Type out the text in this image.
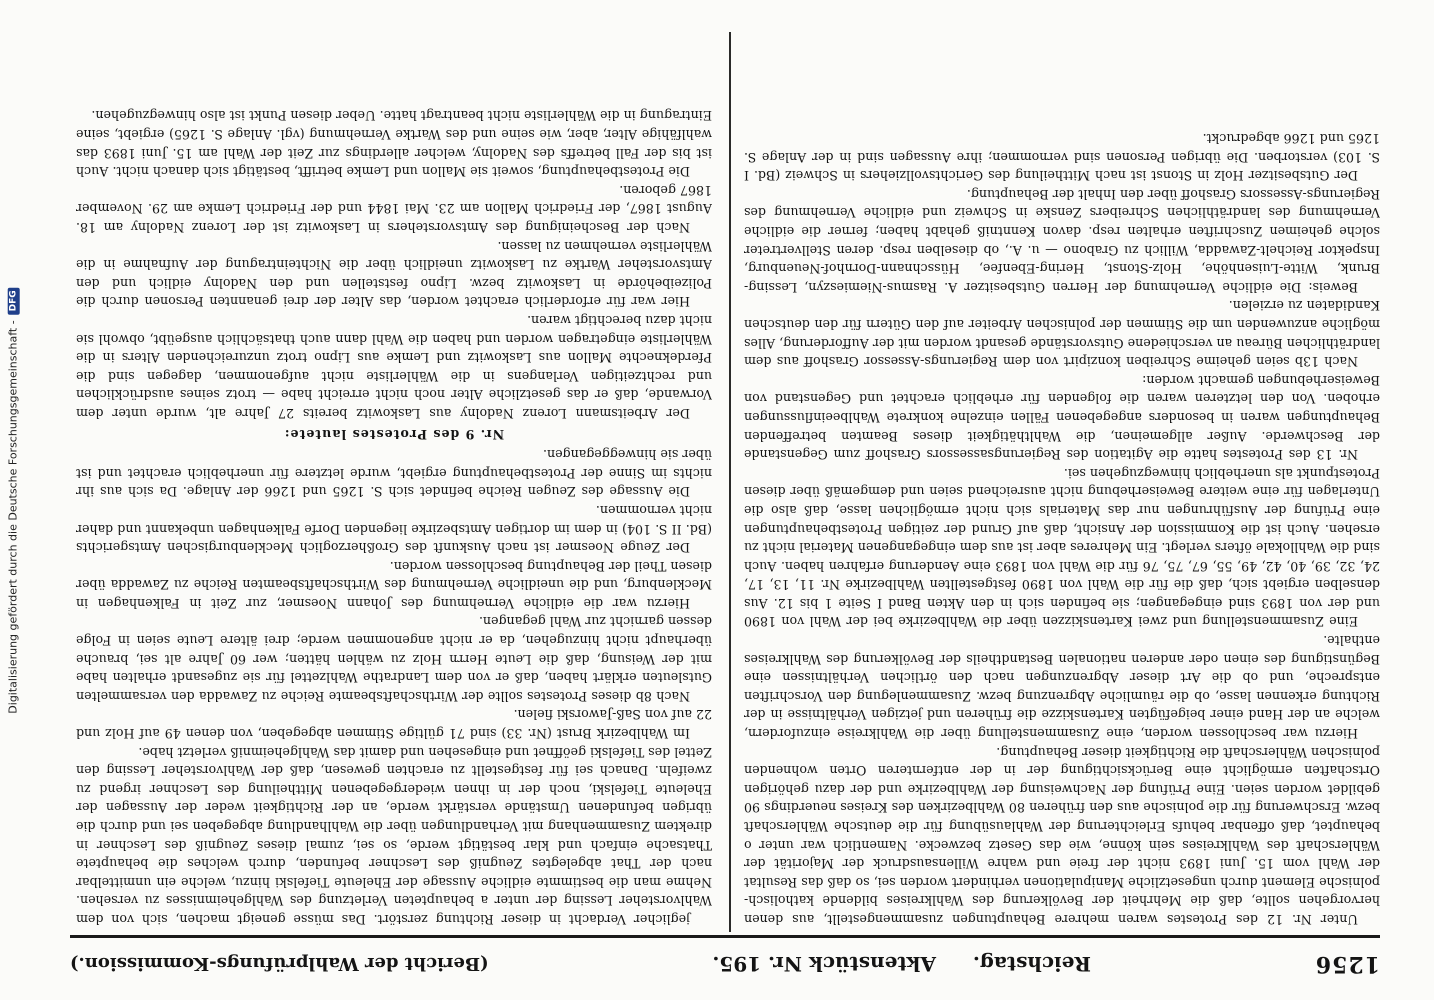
Digitalisierung gefördert durch die Deutsche Forschungsgemeinschaft -
DFG
1256
Reichstag. Aktenstück Nr. 195.
(Bericht der Wahlprüfungs-Kommission.)

Unter Nr. 12 des Protestes waren mehrere Behauptungen zusammengestellt, aus denen hervorgehen sollte, daß die Mehrheit der Bevölkerung des Wahlkreises bildende katholisch-polnische Element durch ungesetzliche Manipulationen verhindert worden sei, so daß das Resultat der Wahl vom 15. Juni 1893 nicht der freie und wahre Willensausdruck der Majorität der Wählerschaft des Wahlkreises sein könne, wie das Gesetz bezwecke. Namentlich war unter o behauptet, daß offenbar behufs Erleichterung der Wahlausübung für die deutsche Wählerschaft bezw. Erschwerung für die polnische aus den früheren 80 Wahlbezirken des Kreises neuerdings 90 gebildet worden seien. Eine Prüfung der Nachweisung der Wahlbezirke und der dazu gehörigen Ortschaften ermöglicht eine Berücksichtigung der in der entfernteren Orten wohnenden polnischen Wählerschaft die Richtigkeit dieser Behauptung.

Hierzu war beschlossen worden, eine Zusammenstellung über die Wahlkreise einzufordern, welche an der Hand einer beigefügten Kartenskizze die früheren und jetzigen Verhältnisse in der Richtung erkennen lasse, ob die räumliche Abgrenzung bezw. Zusammenlegung den Vorschriften entspreche, und ob die Art dieser Abgrenzungen nach den örtlichen Verhältnissen eine Begünstigung des einen oder anderen nationalen Bestandtheils der Bevölkerung des Wahlkreises enthalte.

Eine Zusammenstellung und zwei Kartenskizzen über die Wahlbezirke bei der Wahl von 1890 und der von 1893 sind eingegangen; sie befinden sich in den Akten Band I Seite 1 bis 12. Aus denselben ergiebt sich, daß die für die Wahl von 1890 festgestellten Wahlbezirke Nr. 11, 13, 17, 24, 32, 39, 40, 42, 49, 55, 67, 75, 76 für die Wahl von 1893 eine Aenderung erfahren haben. Auch sind die Wahllokale öfters verlegt. Ein Mehreres aber ist aus dem eingegangenen Material nicht zu ersehen. Auch ist die Kommission der Ansicht, daß auf Grund der zeitigen Protestbehauptungen eine Prüfung der Ausführungen nur das Materials sich nicht ermöglichen lasse, daß also die Unterlagen für eine weitere Beweiserhebung nicht ausreichend seien und demgemäß über diesen Protestpunkt als unerheblich hinwegzugehen sei.

Nr. 13 des Protestes hatte die Agitation des Regierungsassessors Grashoff zum Gegenstande der Beschwerde. Außer allgemeinen, die Wahlthätigkeit dieses Beamten betreffenden Behauptungen waren in besonders angegebenen Fällen einzelne konkrete Wahlbeeinflussungen erhoben. Von den letzteren waren die folgenden für erheblich erachtet und Gegenstand von Beweiserhebungen gemacht worden:

Nach 13b seien geheime Schreiben konzipirt von dem Regierungs-Assessor Grashoff aus dem landräthlichen Büreau an verschiedene Gutsvorstände gesandt worden mit der Aufforderung, Alles mögliche anzuwenden um die Stimmen der polnischen Arbeiter auf den Gütern für den deutschen Kandidaten zu erzielen.

Beweis: Die eidliche Vernehmung der Herren Gutsbesitzer A. Rasmus-Niemieszyn, Lessing-Brunk, Witte-Luisenhöhe, Holz-Stonst, Hering-Ebenfee, Hüsschnann-Dornhof-Neuenburg, Inspektor Reichelt-Zawadda, Willich zu Grabono — u. A., ob dieselben resp. deren Stellvertreter solche geheimen Zuschriften erhalten resp. davon Kenntniß gehabt haben; ferner die eidliche Vernehmung des landräthlichen Schreibers Zenske in Schweiz und eidliche Vernehmung des Regierungs-Assessors Grashoff über den Inhalt der Behauptung.

Der Gutsbesitzer Holz in Stonst ist nach Mittheilung des Gerichtsvollziehers in Schweiz (Bd. I S. 103) verstorben. Die übrigen Personen sind vernommen; ihre Aussagen sind in der Anlage S. 1265 und 1266 abgedruckt.

jeglicher Verdacht in dieser Richtung zerstört. Das müsse geneigt machen, sich von dem Wahlvorsteher Lessing der unter a behaupteten Verletzung des Wahlgeheimnisses zu versehen. Nehme man die bestimmte eidliche Aussage der Eheleute Tiefelski hinzu, welche ein unmittelbar nach der That abgelegtes Zeugniß des Leschner befunden, durch welches die behauptete Thatsache einfach und klar bestätigt werde, so sei, zumal dieses Zeugniß des Leschner in direktem Zusammenhang mit Verhandlungen über die Wahlhandlung abgegeben sei und durch die übrigen befundenen Umstände verstärkt werde, an der Richtigkeit weder der Aussagen der Eheleute Tiefelski, noch der in ihnen wiedergegebenen Mittheilung des Leschner irgend zu zweifeln. Danach sei für festgestellt zu erachten gewesen, daß der Wahlvorsteher Lessing den Zettel des Tiefelski geöffnet und eingesehen und damit das Wahlgeheimniß verletzt habe.

Im Wahlbezirk Brust (Nr. 33) sind 71 gültige Stimmen abgegeben, von denen 49 auf Holz und 22 auf von Saß-Jaworski fielen.

Nach 8b dieses Protestes sollte der Wirthschaftsbeamte Reiche zu Zawadda den versammelten Gutsleuten erklärt haben, daß er von dem Landrathe Wahlzettel für sie zugesandt erhalten habe mit der Weisung, daß die Leute Herrn Holz zu wählen hätten; wer 60 Jahre alt sei, brauche überhaupt nicht hinzugehen, da er nicht angenommen werde; drei ältere Leute seien in Folge dessen garnicht zur Wahl gegangen.

Hierzu war die eidliche Vernehmung des Johann Noesmer, zur Zeit in Falkenhagen in Mecklenburg, und die uneidliche Vernehmung des Wirthschaftsbeamten Reiche zu Zawadda über diesen Theil der Behauptung beschlossen worden.

Der Zeuge Noesmer ist nach Auskunft des Großherzoglich Mecklenburgischen Amtsgerichts (Bd. II S. 104) in dem im dortigen Amtsbezirke liegenden Dorfe Falkenhagen unbekannt und daher nicht vernommen.

Die Aussage des Zeugen Reiche befindet sich S. 1265 und 1266 der Anlage. Da sich aus ihr nichts im Sinne der Protestbehauptung ergiebt, wurde letztere für unerheblich erachtet und ist über sie hinweggegangen.

Nr. 9 des Protestes lautete:

Der Arbeitsmann Lorenz Nadolny aus Laskowitz bereits 27 Jahre alt, wurde unter dem Vorwande, daß er das gesetzliche Alter noch nicht erreicht habe — trotz seines ausdrücklichen und rechtzeitigen Verlangens in die Wählerliste nicht aufgenommen, dagegen sind die Pferdeknechte Mallon aus Laskowitz und Lemke aus Lipno trotz unzureichenden Alters in die Wählerliste eingetragen worden und haben die Wahl dann auch thatsächlich ausgeübt, obwohl sie nicht dazu berechtigt waren.

Hier war für erforderlich erachtet worden, das Alter der drei genannten Personen durch die Polizeibehörde in Laskowitz bezw. Lipno feststellen und den Nadolny eidlich und den Amtsvorsteher Wartke zu Laskowitz uneidlich über die Nichteintragung der Aufnahme in die Wählerliste vernehmen zu lassen.

Nach der Bescheinigung des Amtsvorstehers in Laskowitz ist der Lorenz Nadolny am 18. August 1867, der Friedrich Mallon am 23. Mai 1844 und der Friedrich Lemke am 29. November 1867 geboren.

Die Protestbehauptung, soweit sie Mallon und Lemke betrifft, bestätigt sich danach nicht. Auch ist bis der Fall betreffs des Nadolny, welcher allerdings zur Zeit der Wahl am 15. Juni 1893 das wahlfähige Alter, aber, wie seine und des Wartke Vernehmung (vgl. Anlage S. 1265) ergiebt, seine Eintragung in die Wählerliste nicht beantragt hatte. Ueber diesen Punkt ist also hinwegzugehen.
